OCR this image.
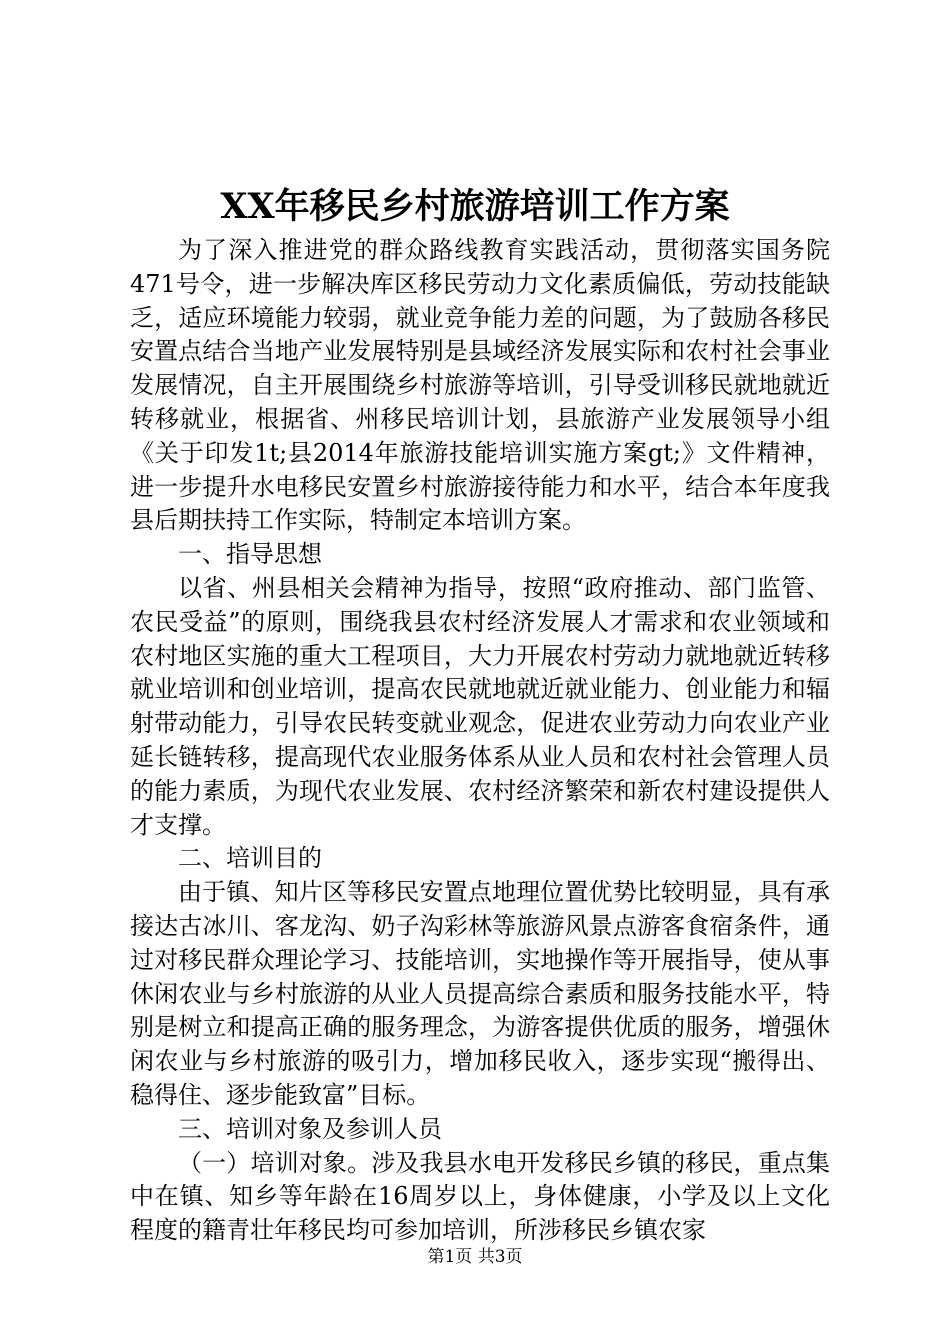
XX年移民乡村旅游培训工作方案

为了深入推进党的群众路线教育实践活动，贯彻落实国务院471号令，进一步解决库区移民劳动力文化素质偏低，劳动技能缺乏，适应环境能力较弱，就业竞争能力差的问题，为了鼓励各移民安置点结合当地产业发展特别是县域经济发展实际和农村社会事业发展情况，自主开展围绕乡村旅游等培训，引导受训移民就地就近转移就业，根据省、州移民培训计划，县旅游产业发展领导小组《关于印发1t;县2014年旅游技能培训实施方案gt;》文件精神，进一步提升水电移民安置乡村旅游接待能力和水平，结合本年度我县后期扶持工作实际，特制定本培训方案。

一、指导思想

以省、州县相关会精神为指导，按照“政府推动、部门监管、农民受益”的原则，围绕我县农村经济发展人才需求和农业领域和农村地区实施的重大工程项目，大力开展农村劳动力就地就近转移就业培训和创业培训，提高农民就地就近就业能力、创业能力和辐射带动能力，引导农民转变就业观念，促进农业劳动力向农业产业延长链转移，提高现代农业服务体系从业人员和农村社会管理人员的能力素质，为现代农业发展、农村经济繁荣和新农村建设提供人才支撑。

二、培训目的

由于镇、知片区等移民安置点地理位置优势比较明显，具有承接达古冰川、客龙沟、奶子沟彩林等旅游风景点游客食宿条件，通过对移民群众理论学习、技能培训，实地操作等开展指导，使从事休闲农业与乡村旅游的从业人员提高综合素质和服务技能水平，特别是树立和提高正确的服务理念，为游客提供优质的服务，增强休闲农业与乡村旅游的吸引力，增加移民收入，逐步实现“搬得出、稳得住、逐步能致富”目标。

三、培训对象及参训人员

（一）培训对象。涉及我县水电开发移民乡镇的移民，重点集中在镇、知乡等年龄在16周岁以上，身体健康，小学及以上文化程度的籍青壮年移民均可参加培训，所涉移民乡镇农家

第1页 共3页
